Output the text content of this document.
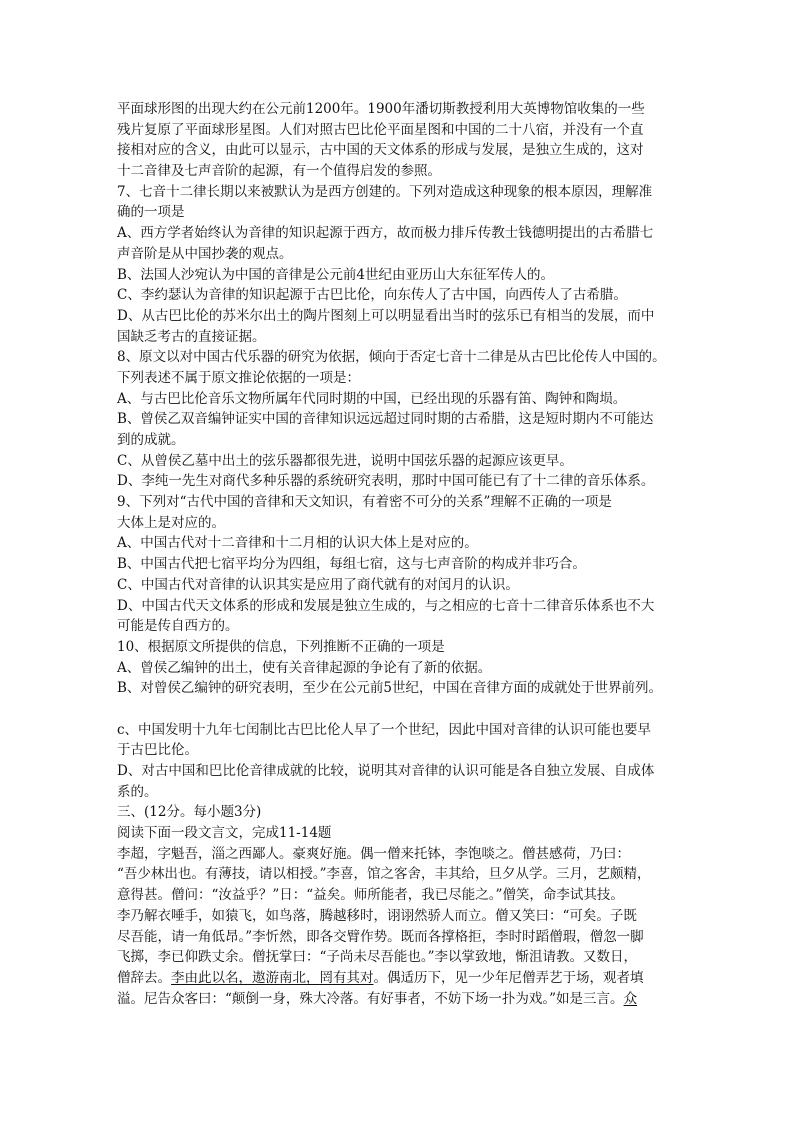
平面球形图的出现大约在公元前1200年。1900年潘切斯教授利用大英博物馆收集的一些
残片复原了平面球形星图。人们对照古巴比伦平面星图和中国的二十八宿，并没有一个直
接相对应的含义，由此可以显示，古中国的天文体系的形成与发展，是独立生成的，这对
十二音律及七声音阶的起源，有一个值得启发的参照。
7、七音十二律长期以来被默认为是西方创建的。下列对造成这种现象的根本原因，理解准
确的一项是
A、西方学者始终认为音律的知识起源于西方，故而极力排斥传教士钱德明提出的古希腊七
声音阶是从中国抄袭的观点。
B、法国人沙宛认为中国的音律是公元前4世纪由亚历山大东征军传人的。
C、李约瑟认为音律的知识起源于古巴比伦，向东传人了古中国，向西传人了古希腊。
D、从古巴比伦的苏米尔出土的陶片图刻上可以明显看出当时的弦乐已有相当的发展，而中
国缺乏考古的直接证据。
8、原文以对中国古代乐器的研究为依据，倾向于否定七音十二律是从古巴比伦传人中国的。
下列表述不属于原文推论依据的一项是：
A、与古巴比伦音乐文物所属年代同时期的中国，已经出现的乐器有笛、陶钟和陶埙。
B、曾侯乙双音编钟证实中国的音律知识远远超过同时期的古希腊，这是短时期内不可能达
到的成就。
C、从曾侯乙墓中出土的弦乐器都很先进，说明中国弦乐器的起源应该更早。
D、李纯一先生对商代多种乐器的系统研究表明，那时中国可能已有了十二律的音乐体系。
9、下列对“古代中国的音律和天文知识，有着密不可分的关系”理解不正确的一项是
大体上是对应的。
A、中国古代对十二音律和十二月相的认识大体上是对应的。
B、中国古代把七宿平均分为四组，每组七宿，这与七声音阶的构成并非巧合。
C、中国古代对音律的认识其实是应用了商代就有的对闰月的认识。
D、中国古代天文体系的形成和发展是独立生成的，与之相应的七音十二律音乐体系也不大
可能是传自西方的。
10、根据原文所提供的信息，下列推断不正确的一项是
A、曾侯乙编钟的出土，使有关音律起源的争论有了新的依据。
B、对曾侯乙编钟的研究表明，至少在公元前5世纪，中国在音律方面的成就处于世界前列。
c、中国发明十九年七闰制比古巴比伦人早了一个世纪，因此中国对音律的认识可能也要早
于古巴比伦。
D、对古中国和巴比伦音律成就的比较，说明其对音律的认识可能是各自独立发展、自成体
系的。
三、(12分。每小题3分)
阅读下面一段文言文，完成11-14题
李超，字魁吾，淄之西鄙人。豪爽好施。偶一僧来托钵，李饱啖之。僧甚感荷，乃曰：
“吾少林出也。有薄技，请以相授。”李喜，馆之客舍，丰其给，旦夕从学。三月，艺颇精，
意得甚。僧问：“汝益乎？”日：“益矣。师所能者，我已尽能之。”僧笑，命李试其技。
李乃解衣唾手，如猿飞，如鸟落，腾越移时，诩诩然骄人而立。僧又笑曰：“可矣。子既
尽吾能，请一角低昂。”李忻然，即各交臂作势。既而各撑格拒，李时时蹈僧瑕，僧忽一脚
飞掷，李已仰跌丈余。僧抚掌曰：“子尚未尽吾能也。”李以掌致地，惭沮请教。又数日，
僧辞去。李由此以名，遨游南北，罔有其对。偶适历下，见一少年尼僧弄艺于场，观者填
溢。尼告众客曰：“颠倒一身，殊大冷落。有好事者，不妨下场一扑为戏。”如是三言。众
